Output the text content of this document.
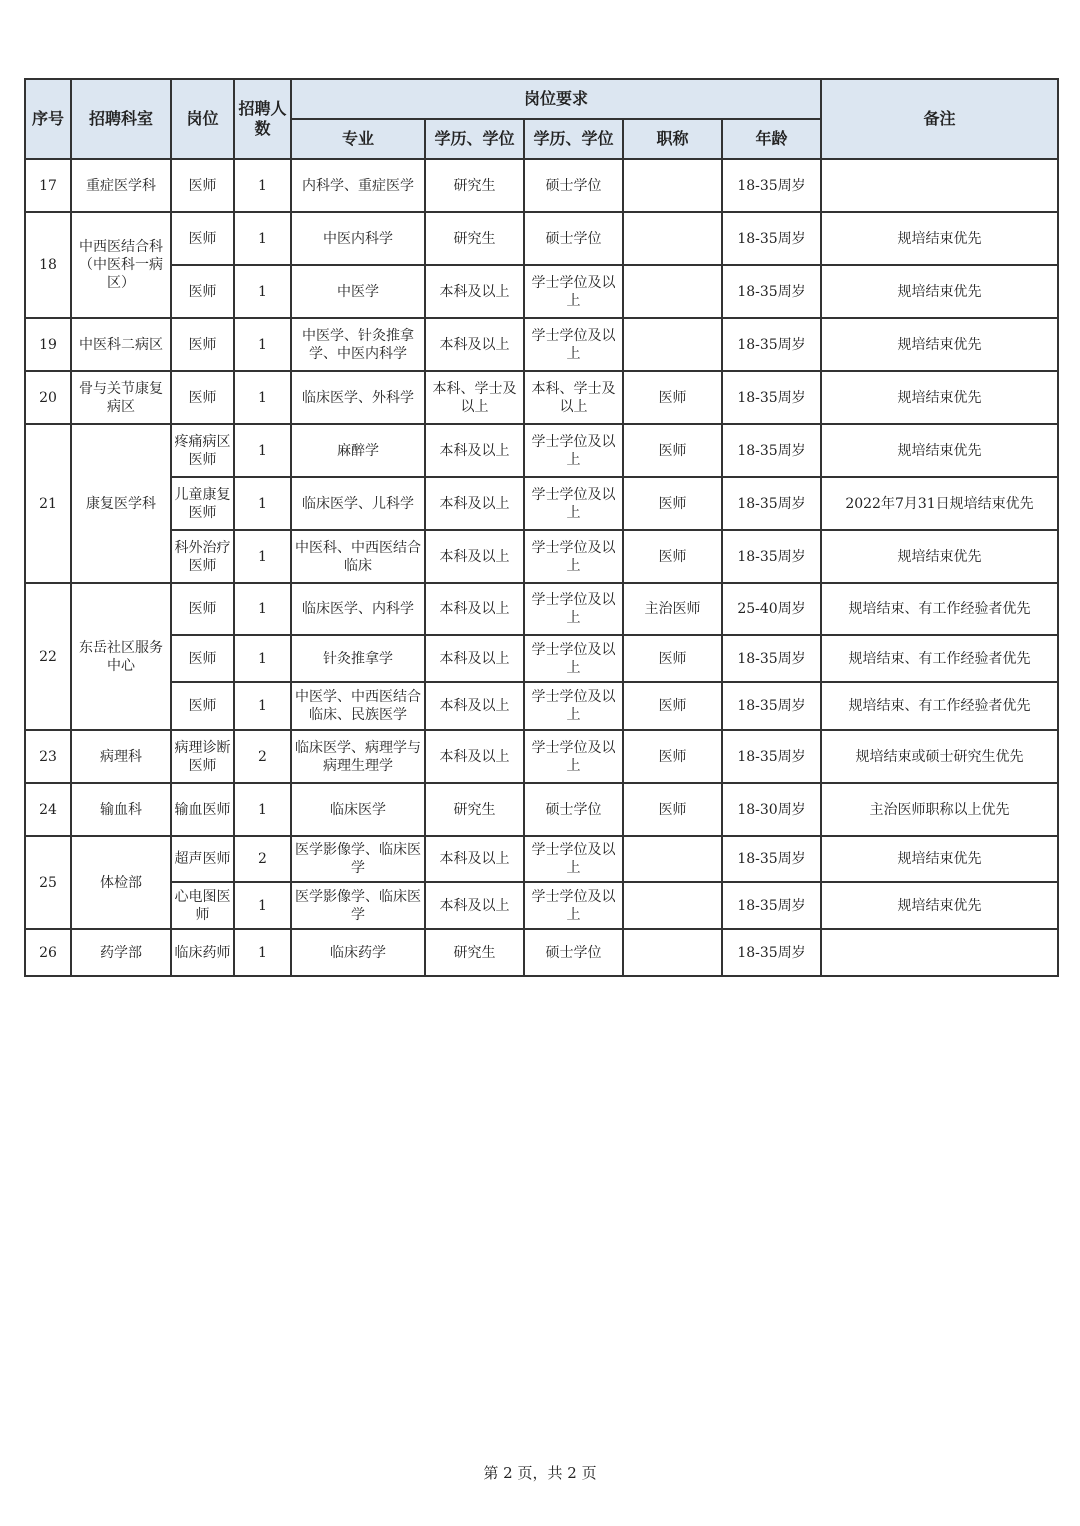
序号	招聘科室	岗位	招聘人数	岗位要求					备注
				专业	学历、学位	学历、学位	职称	年龄	
17	重症医学科	医师	1	内科学、重症医学	研究生	硕士学位		18-35周岁	
18	中西医结合科（中医科一病区）	医师	1	中医内科学	研究生	硕士学位		18-35周岁	规培结束优先
		医师	1	中医学	本科及以上	学士学位及以上		18-35周岁	规培结束优先
19	中医科二病区	医师	1	中医学、针灸推拿学、中医内科学	本科及以上	学士学位及以上		18-35周岁	规培结束优先
20	骨与关节康复病区	医师	1	临床医学、外科学	本科、学士及以上	本科、学士及以上	医师	18-35周岁	规培结束优先
21	康复医学科	疼痛病区医师	1	麻醉学	本科及以上	学士学位及以上	医师	18-35周岁	规培结束优先
		儿童康复医师	1	临床医学、儿科学	本科及以上	学士学位及以上	医师	18-35周岁	2022年7月31日规培结束优先
		科外治疗医师	1	中医科、中西医结合临床	本科及以上	学士学位及以上	医师	18-35周岁	规培结束优先
22	东岳社区服务中心	医师	1	临床医学、内科学	本科及以上	学士学位及以上	主治医师	25-40周岁	规培结束、有工作经验者优先
		医师	1	针灸推拿学	本科及以上	学士学位及以上	医师	18-35周岁	规培结束、有工作经验者优先
		医师	1	中医学、中西医结合临床、民族医学	本科及以上	学士学位及以上	医师	18-35周岁	规培结束、有工作经验者优先
23	病理科	病理诊断医师	2	临床医学、病理学与病理生理学	本科及以上	学士学位及以上	医师	18-35周岁	规培结束或硕士研究生优先
24	输血科	输血医师	1	临床医学	研究生	硕士学位	医师	18-30周岁	主治医师职称以上优先
25	体检部	超声医师	2	医学影像学、临床医学	本科及以上	学士学位及以上		18-35周岁	规培结束优先
		心电图医师	1	医学影像学、临床医学	本科及以上	学士学位及以上		18-35周岁	规培结束优先
26	药学部	临床药师	1	临床药学	研究生	硕士学位		18-35周岁	
第 2 页，共 2 页
